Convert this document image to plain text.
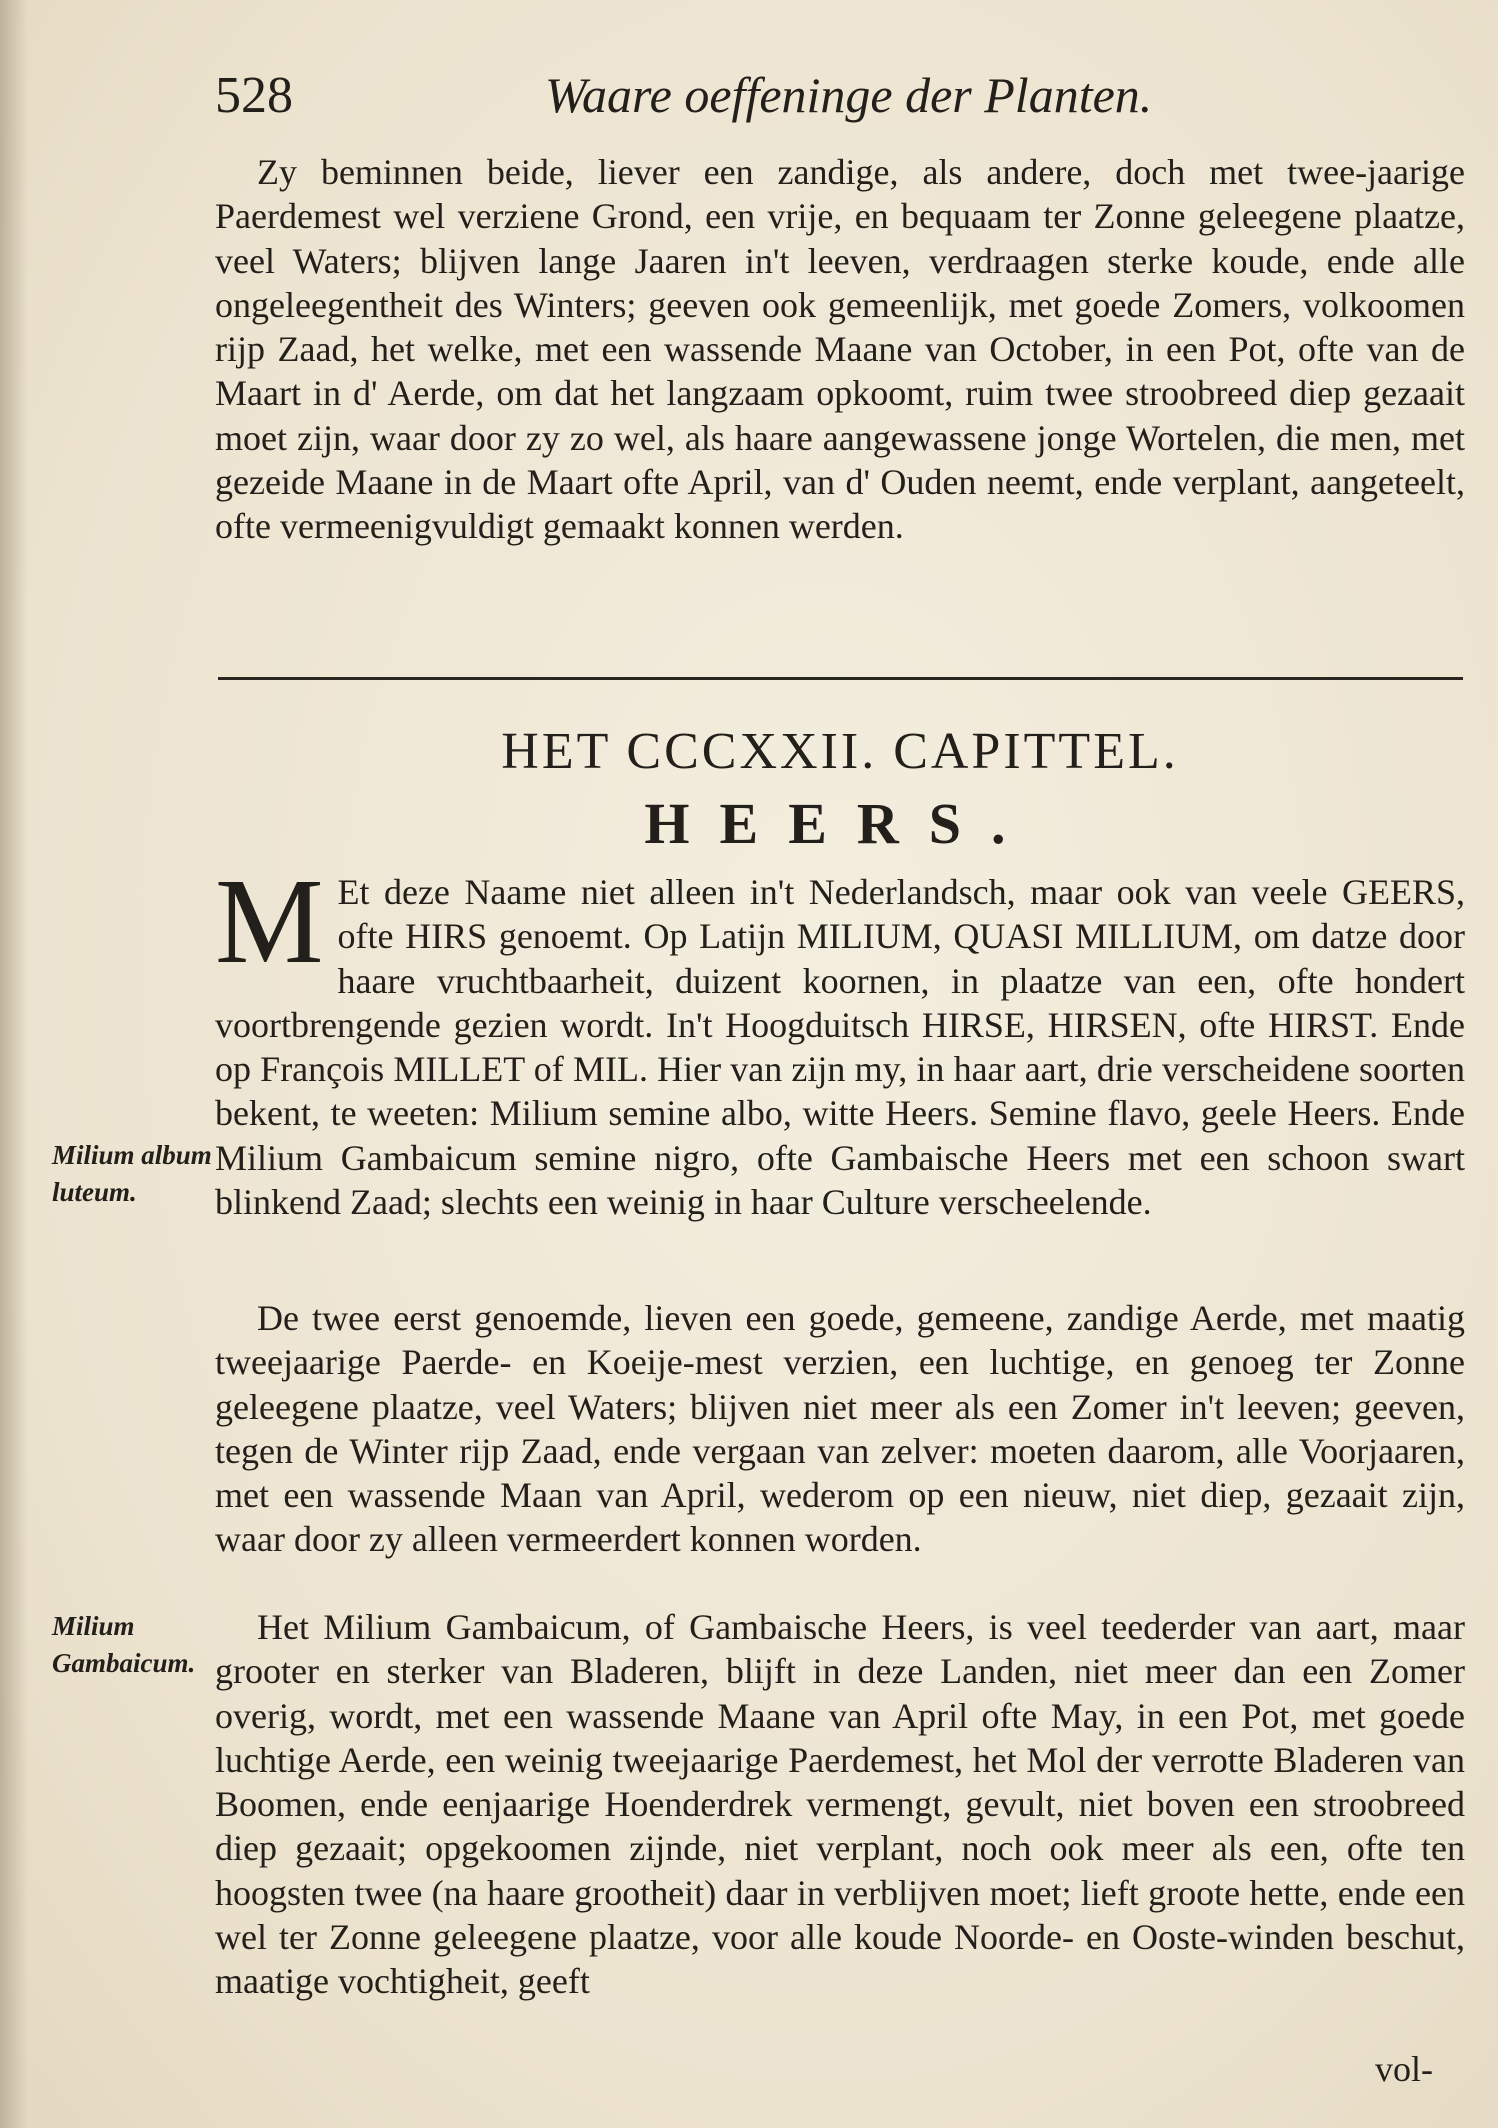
528	Waare oeffeninge der Planten.

Zy beminnen beide, liever een zandige, als andere, doch met twee-jaarige Paerdemest wel verziene Grond, een vrije, en bequaam ter Zonne geleegene plaatze, veel Waters; blijven lange Jaaren in't leeven, verdraagen sterke koude, ende alle ongeleegentheit des Winters; geeven ook gemeenlijk, met goede Zomers, volkoomen rijp Zaad, het welke, met een wassende Maane van October, in een Pot, ofte van de Maart in d' Aerde, om dat het langzaam opkoomt, ruim twee stroobreed diep gezaait moet zijn, waar door zy zo wel, als haare aangewassene jonge Wortelen, die men, met gezeide Maane in de Maart ofte April, van d' Ouden neemt, ende verplant, aangeteelt, ofte vermeenigvuldigt gemaakt konnen werden.

HET CCCXXII. CAPITTEL.
HEERS.
M Et deze Naame niet alleen in't Nederlandsch, maar ook van veele GEERS, ofte HIRS genoemt. Op Latijn MILIUM, QUASI MILLIUM, om datze door haare vruchtbaarheit, duizent koornen, in plaatze van een, ofte hondert voortbrengende gezien wordt. In't Hoogduitsch HIRSE, HIRSEN, ofte HIRST. Ende op François MILLET of MIL. Hier van zijn my, in haar aart, drie verscheidene soorten bekent, te weeten: Milium semine albo, witte Heers. Semine flavo, geele Heers. Ende Milium Gambaicum semine nigro, ofte Gambaische Heers met een schoon swart blinkend Zaad; slechts een weinig in haar Culture verscheelende.

De twee eerst genoemde, lieven een goede, gemeene, zandige Aerde, met maatig tweejaarige Paerde- en Koeije-mest verzien, een luchtige, en genoeg ter Zonne geleegene plaatze, veel Waters; blijven niet meer als een Zomer in't leeven; geeven, tegen de Winter rijp Zaad, ende vergaan van zelver: moeten daarom, alle Voorjaaren, met een wassende Maan van April, wederom op een nieuw, niet diep, gezaait zijn, waar door zy alleen vermeerdert konnen worden.

Het Milium Gambaicum, of Gambaische Heers, is veel teederder van aart, maar grooter en sterker van Bladeren, blijft in deze Landen, niet meer dan een Zomer overig, wordt, met een wassende Maane van April ofte May, in een Pot, met goede luchtige Aerde, een weinig tweejaarige Paerdemest, het Mol der verrotte Bladeren van Boomen, ende eenjaarige Hoenderdrek vermengt, gevult, niet boven een stroobreed diep gezaait; opgekoomen zijnde, niet verplant, noch ook meer als een, ofte ten hoogsten twee (na haare grootheit) daar in verblijven moet; lieft groote hette, ende een wel ter Zonne geleegene plaatze, voor alle koude Noorde- en Ooste-winden beschut, maatige vochtigheit, geeft

Milium album luteum.

Milium Gambaicum.

vol-
